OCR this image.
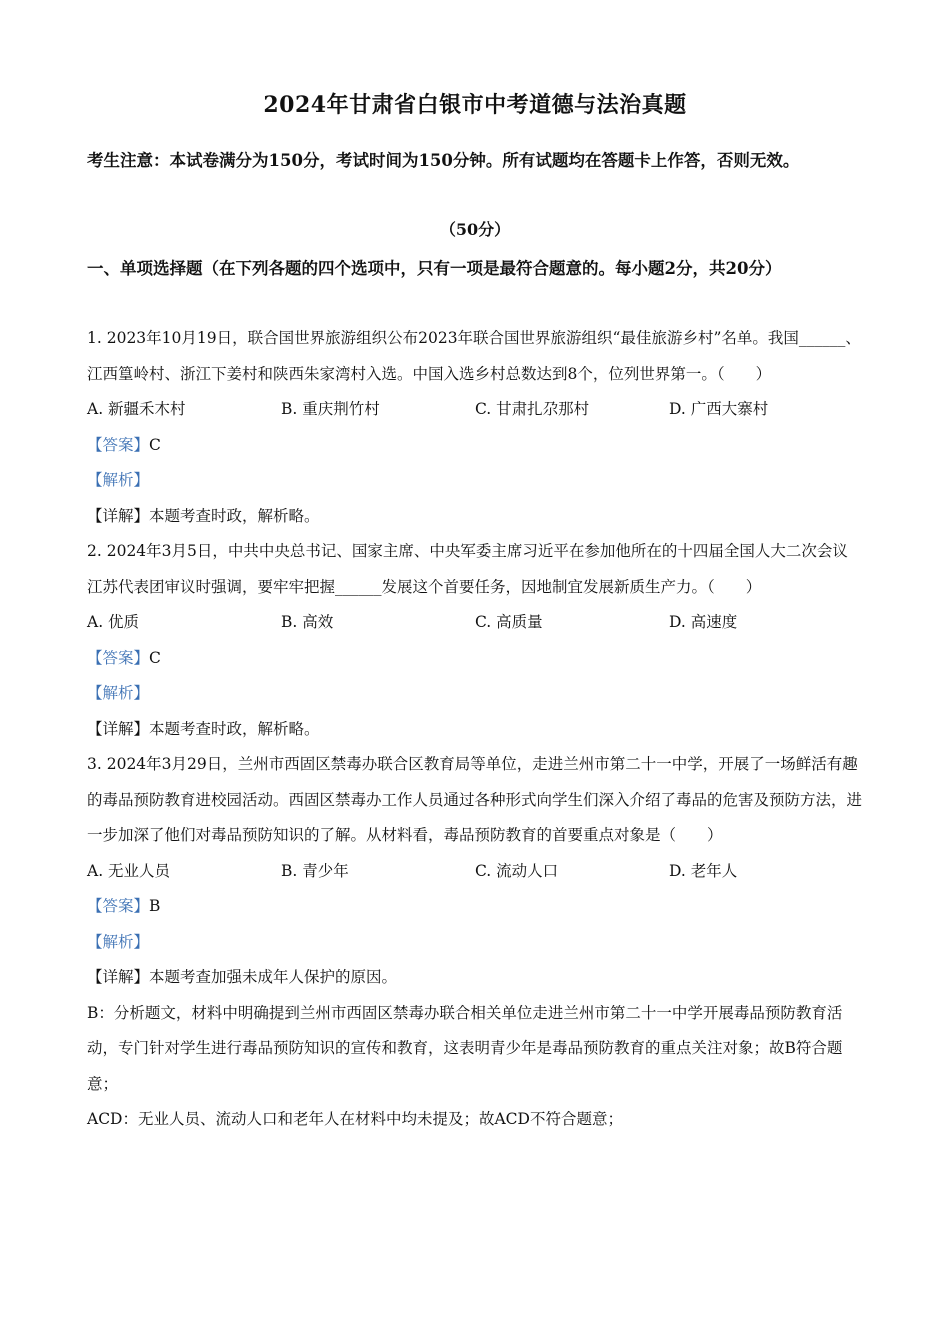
2024年甘肃省白银市中考道德与法治真题
考生注意：本试卷满分为150分，考试时间为150分钟。所有试题均在答题卡上作答，否则无效。
（50分）
一、单项选择题（在下列各题的四个选项中，只有一项是最符合题意的。每小题2分，共20分）

1. 2023年10月19日，联合国世界旅游组织公布2023年联合国世界旅游组织“最佳旅游乡村”名单。我国______、江西篁岭村、浙江下姜村和陕西朱家湾村入选。中国入选乡村总数达到8个，位列世界第一。（　　）

A. 新疆禾木村	B. 重庆荆竹村	C. 甘肃扎尕那村	D. 广西大寨村

【答案】C

【解析】

【详解】本题考查时政，解析略。

2. 2024年3月5日，中共中央总书记、国家主席、中央军委主席习近平在参加他所在的十四届全国人大二次会议江苏代表团审议时强调，要牢牢把握______发展这个首要任务，因地制宜发展新质生产力。（　　）

A. 优质	B. 高效	C. 高质量	D. 高速度

【答案】C

【解析】

【详解】本题考查时政，解析略。

3. 2024年3月29日，兰州市西固区禁毒办联合区教育局等单位，走进兰州市第二十一中学，开展了一场鲜活有趣的毒品预防教育进校园活动。西固区禁毒办工作人员通过各种形式向学生们深入介绍了毒品的危害及预防方法，进一步加深了他们对毒品预防知识的了解。从材料看，毒品预防教育的首要重点对象是（　　）

A. 无业人员	B. 青少年	C. 流动人口	D. 老年人

【答案】B

【解析】

【详解】本题考查加强未成年人保护的原因。

B：分析题文，材料中明确提到兰州市西固区禁毒办联合相关单位走进兰州市第二十一中学开展毒品预防教育活动，专门针对学生进行毒品预防知识的宣传和教育，这表明青少年是毒品预防教育的重点关注对象；故B符合题意；

ACD：无业人员、流动人口和老年人在材料中均未提及；故ACD不符合题意；
